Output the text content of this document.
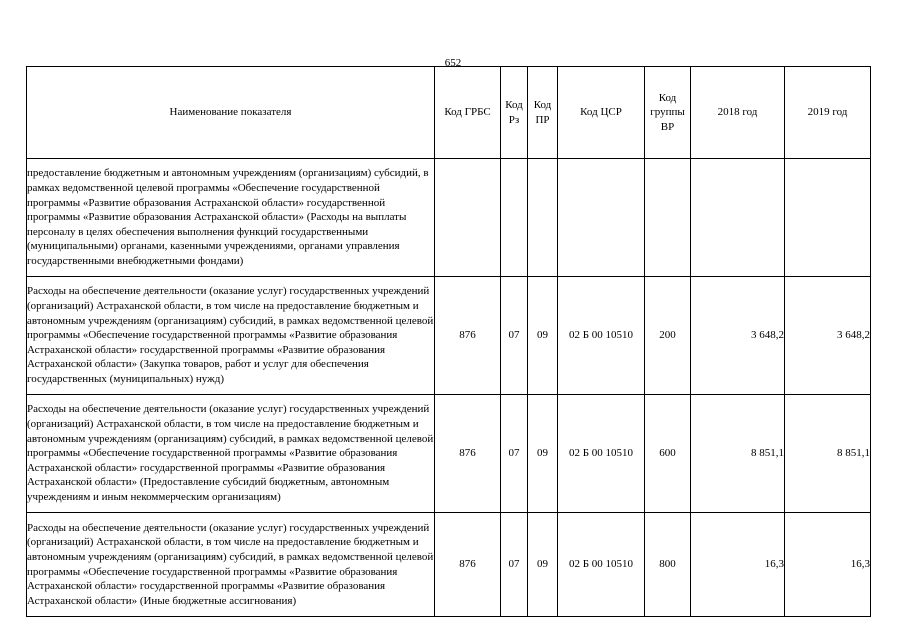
652
Наименование показателя	Код ГРБС	Код Рз	Код ПР	Код ЦСР	Код группы ВР	2018 год	2019 год
предоставление бюджетным и автономным учреждениям (организациям) субсидий, в рамках ведомственной целевой программы «Обеспечение государственной программы «Развитие образования Астраханской области» государственной программы «Развитие образования Астраханской области» (Расходы на выплаты персоналу в целях обеспечения выполнения функций государственными (муниципальными) органами, казенными учреждениями, органами управления государственными внебюджетными фондами)							
Расходы на обеспечение деятельности (оказание услуг) государственных учреждений (организаций) Астраханской области, в том числе на предоставление бюджетным и автономным учреждениям (организациям) субсидий, в рамках ведомственной целевой программы «Обеспечение государственной программы «Развитие образования Астраханской области» государственной программы «Развитие образования Астраханской области» (Закупка товаров, работ и услуг для обеспечения государственных (муниципальных) нужд)	876	07	09	02 Б 00 10510	200	3 648,2	3 648,2
Расходы на обеспечение деятельности (оказание услуг) государственных учреждений (организаций) Астраханской области, в том числе на предоставление бюджетным и автономным учреждениям (организациям) субсидий, в рамках ведомственной целевой программы «Обеспечение государственной программы «Развитие образования Астраханской области» государственной программы «Развитие образования Астраханской области» (Предоставление субсидий бюджетным, автономным учреждениям и иным некоммерческим организациям)	876	07	09	02 Б 00 10510	600	8 851,1	8 851,1
Расходы на обеспечение деятельности (оказание услуг) государственных учреждений (организаций) Астраханской области, в том числе на предоставление бюджетным и автономным учреждениям (организациям) субсидий, в рамках ведомственной целевой программы «Обеспечение государственной программы «Развитие образования Астраханской области» государственной программы «Развитие образования Астраханской области» (Иные бюджетные ассигнования)	876	07	09	02 Б 00 10510	800	16,3	16,3
